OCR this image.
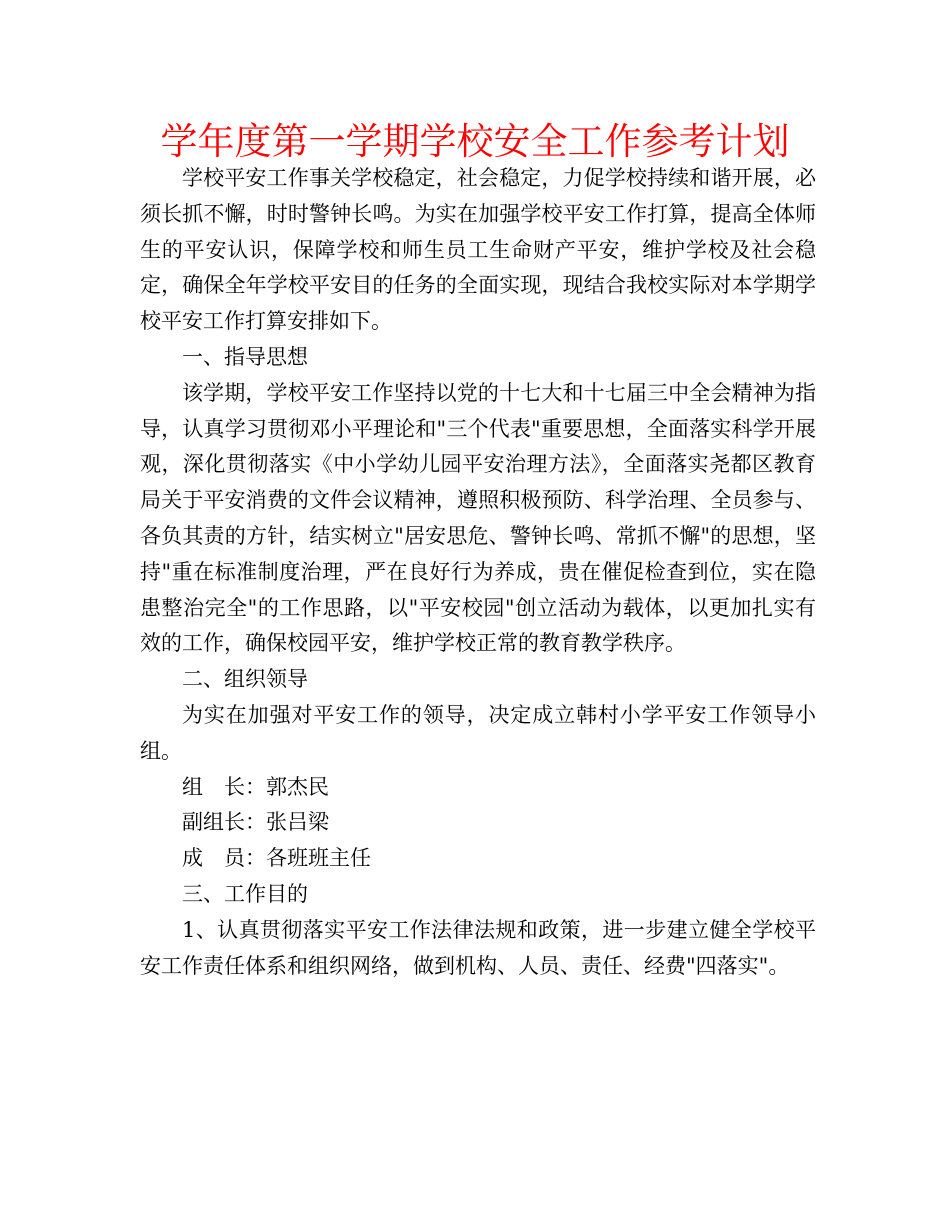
学年度第一学期学校安全工作参考计划

学校平安工作事关学校稳定，社会稳定，力促学校持续和谐开展，必须长抓不懈，时时警钟长鸣。为实在加强学校平安工作打算，提高全体师生的平安认识，保障学校和师生员工生命财产平安，维护学校及社会稳定，确保全年学校平安目的任务的全面实现，现结合我校实际对本学期学校平安工作打算安排如下。

一、指导思想

该学期，学校平安工作坚持以党的十七大和十七届三中全会精神为指导，认真学习贯彻邓小平理论和"三个代表"重要思想，全面落实科学开展观，深化贯彻落实《中小学幼儿园平安治理方法》，全面落实尧都区教育局关于平安消费的文件会议精神，遵照积极预防、科学治理、全员参与、各负其责的方针，结实树立"居安思危、警钟长鸣、常抓不懈"的思想，坚持"重在标准制度治理，严在良好行为养成，贵在催促检查到位，实在隐患整治完全"的工作思路，以"平安校园"创立活动为载体，以更加扎实有效的工作，确保校园平安，维护学校正常的教育教学秩序。

二、组织领导

为实在加强对平安工作的领导，决定成立韩村小学平安工作领导小组。

组　长：郭杰民

副组长：张吕梁

成　员：各班班主任

三、工作目的

1、认真贯彻落实平安工作法律法规和政策，进一步建立健全学校平安工作责任体系和组织网络，做到机构、人员、责任、经费"四落实"。
